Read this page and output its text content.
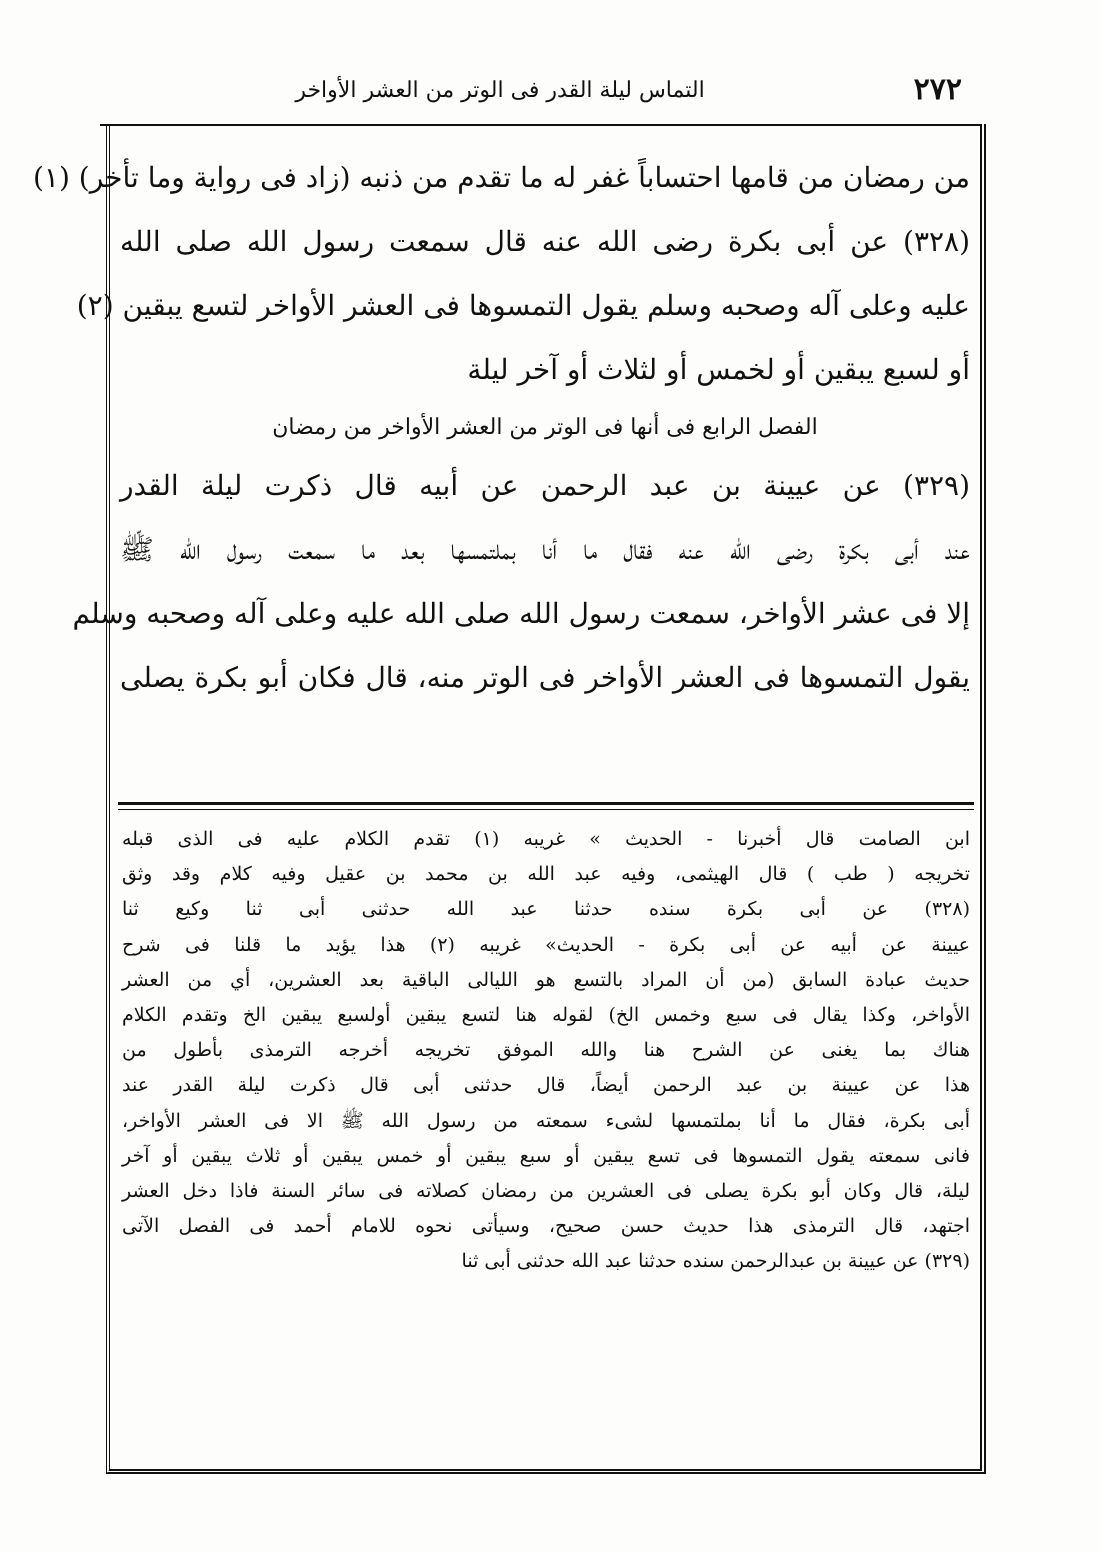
التماس ليلة القدر فى الوتر من العشر الأواخر	٢٧٢
من رمضان من قامها احتساباً غفر له ما تقدم من ذنبه (زاد فى رواية وما تأخر) (١)
(٣٢٨) عن أبى بكرة رضى الله عنه قال سمعت رسول الله صلى الله
عليه وعلى آله وصحبه وسلم يقول التمسوها فى العشر الأواخر لتسع يبقين (٢)
أو لسبع يبقين أو لخمس أو لثلاث أو آخر ليلة
الفصل الرابع فى أنها فى الوتر من العشر الأواخر من رمضان
(٣٢٩) عن عيينة بن عبد الرحمن عن أبيه قال ذكرت ليلة القدر
عند أبى بكرة رضى الله عنه فقال ما أنا بملتمسها بعد ما سمعت رسول الله ﷺ
إلا فى عشر الأواخر، سمعت رسول الله صلى الله عليه وعلى آله وصحبه وسلم
يقول التمسوها فى العشر الأواخر فى الوتر منه، قال فكان أبو بكرة يصلى
ابن الصامت قال أخبرنا - الحديث » غريبه (١) تقدم الكلام عليه فى الذى قبله
تخريجه ( طب ) قال الهيثمى، وفيه عبد الله بن محمد بن عقيل وفيه كلام وقد وثق
(٣٢٨) عن أبى بكرة سنده حدثنا عبد الله حدثنى أبى ثنا وكيع ثنا
عيينة عن أبيه عن أبى بكرة - الحديث» غريبه (٢) هذا يؤيد ما قلنا فى شرح
حديث عبادة السابق (من أن المراد بالتسع هو الليالى الباقية بعد العشرين، أي من العشر
الأواخر، وكذا يقال فى سبع وخمس الخ) لقوله هنا لتسع يبقين أولسبع يبقين الخ وتقدم الكلام
هناك بما يغنى عن الشرح هنا والله الموفق تخريجه أخرجه الترمذى بأطول من
هذا عن عيينة بن عبد الرحمن أيضاً، قال حدثنى أبى قال ذكرت ليلة القدر عند
أبى بكرة، فقال ما أنا بملتمسها لشىء سمعته من رسول الله ﷺ الا فى العشر الأواخر،
فانى سمعته يقول التمسوها فى تسع يبقين أو سبع يبقين أو خمس يبقين أو ثلاث يبقين أو آخر
ليلة، قال وكان أبو بكرة يصلى فى العشرين من رمضان كصلاته فى سائر السنة فاذا دخل العشر
اجتهد، قال الترمذى هذا حديث حسن صحيح، وسيأتى نحوه للامام أحمد فى الفصل الآتى
(٣٢٩) عن عيينة بن عبدالرحمن سنده حدثنا عبد الله حدثنى أبى ثنا
